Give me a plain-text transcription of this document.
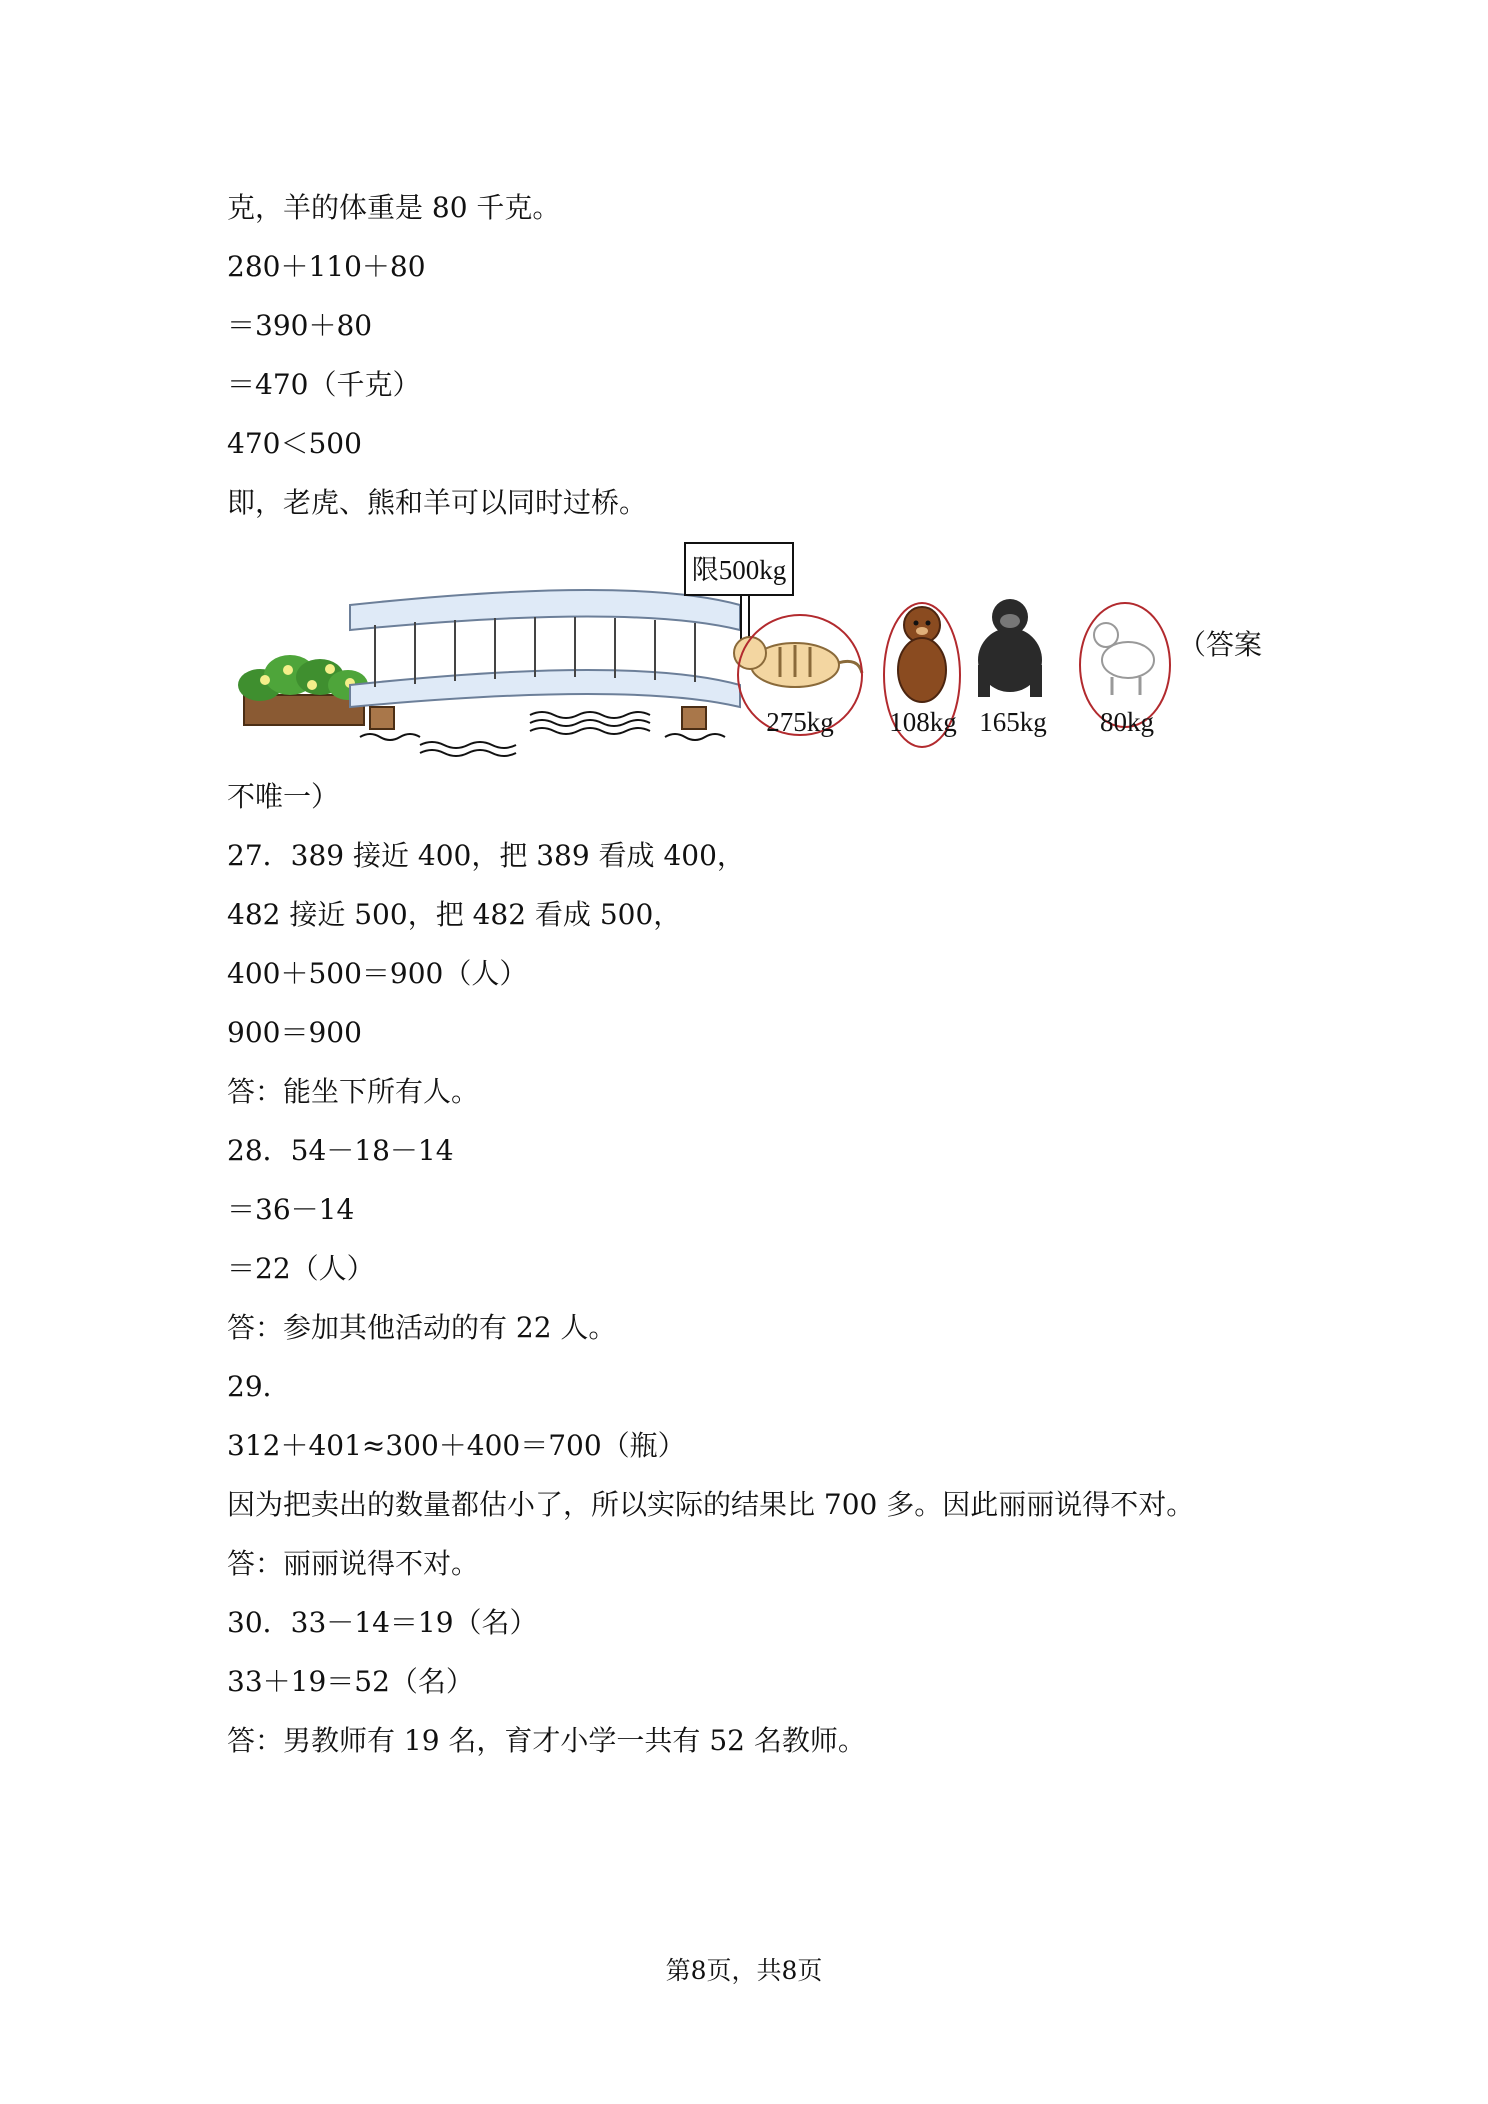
克，羊的体重是 80 千克。
280＋110＋80
＝390＋80
＝470（千克）
470＜500
即，老虎、熊和羊可以同时过桥。
限500kg
275kg 108kg 165kg 80kg
（答案
不唯一）
27．389 接近 400，把 389 看成 400，
482 接近 500，把 482 看成 500，
400＋500＝900（人）
900＝900
答：能坐下所有人。
28．54－18－14
＝36－14
＝22（人）
答：参加其他活动的有 22 人。
29．
312＋401≈300＋400＝700（瓶）
因为把卖出的数量都估小了，所以实际的结果比 700 多。因此丽丽说得不对。
答：丽丽说得不对。
30．33－14＝19（名）
33＋19＝52（名）
答：男教师有 19 名，育才小学一共有 52 名教师。
第8页，共8页
